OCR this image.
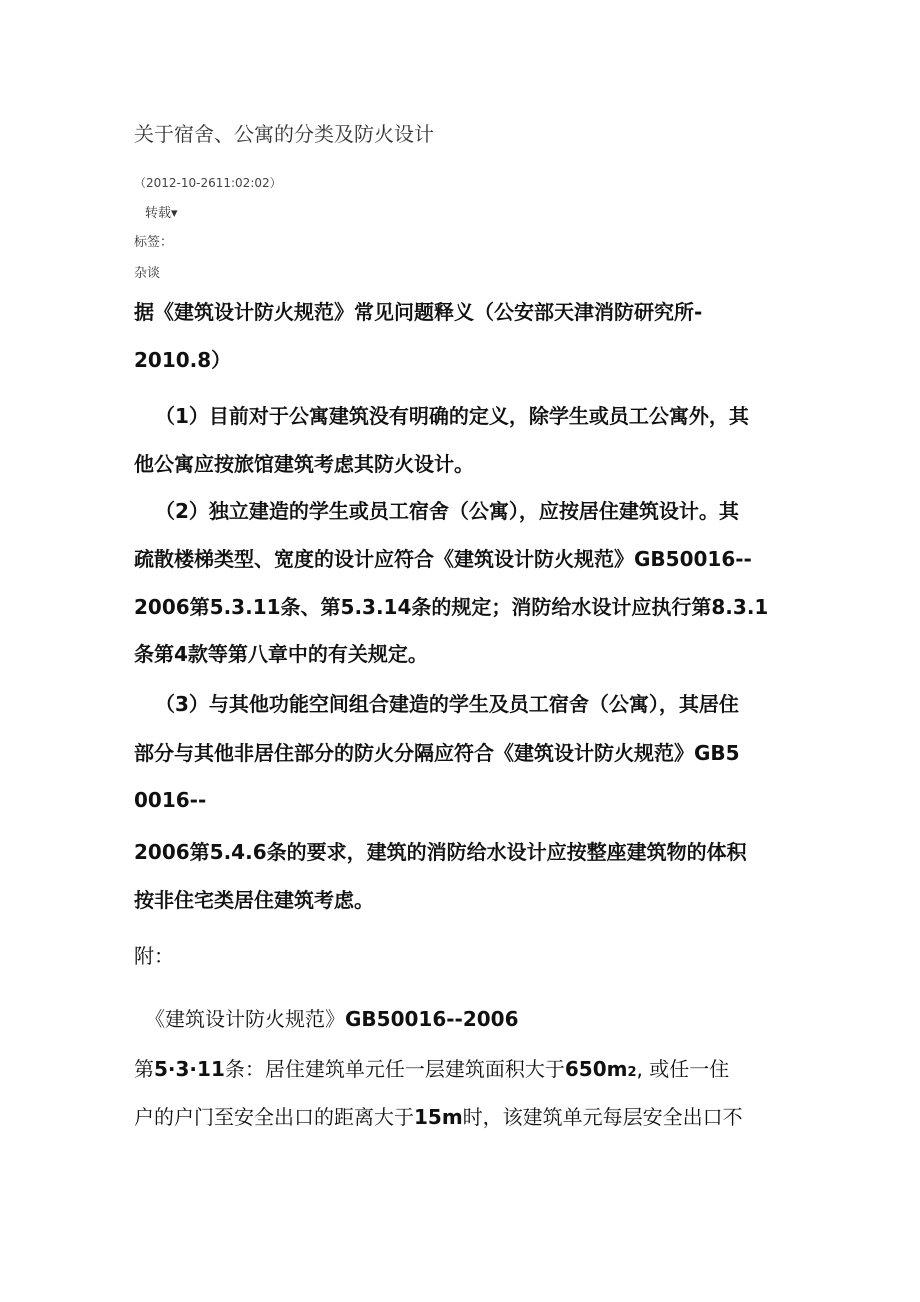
关于宿舍、公寓的分类及防火设计
（2012-10-2611:02:02）
转载▾
标签：
杂谈
据《建筑设计防火规范》常见问题释义（公安部天津消防研究所-
2010.8）
（1）目前对于公寓建筑没有明确的定义，除学生或员工公寓外，其
他公寓应按旅馆建筑考虑其防火设计。
（2）独立建造的学生或员工宿舍（公寓），应按居住建筑设计。其
疏散楼梯类型、宽度的设计应符合《建筑设计防火规范》GB50016--
2006第5.3.11条、第5.3.14条的规定；消防给水设计应执行第8.3.1
条第4款等第八章中的有关规定。
（3）与其他功能空间组合建造的学生及员工宿舍（公寓），其居住
部分与其他非居住部分的防火分隔应符合《建筑设计防火规范》GB5
0016--
2006第5.4.6条的要求，建筑的消防给水设计应按整座建筑物的体积
按非住宅类居住建筑考虑。
附：
《建筑设计防火规范》GB50016--2006
第5·3·11条：居住建筑单元任一层建筑面积大于650m2, 或任一住
户的户门至安全出口的距离大于15m时，该建筑单元每层安全出口不
